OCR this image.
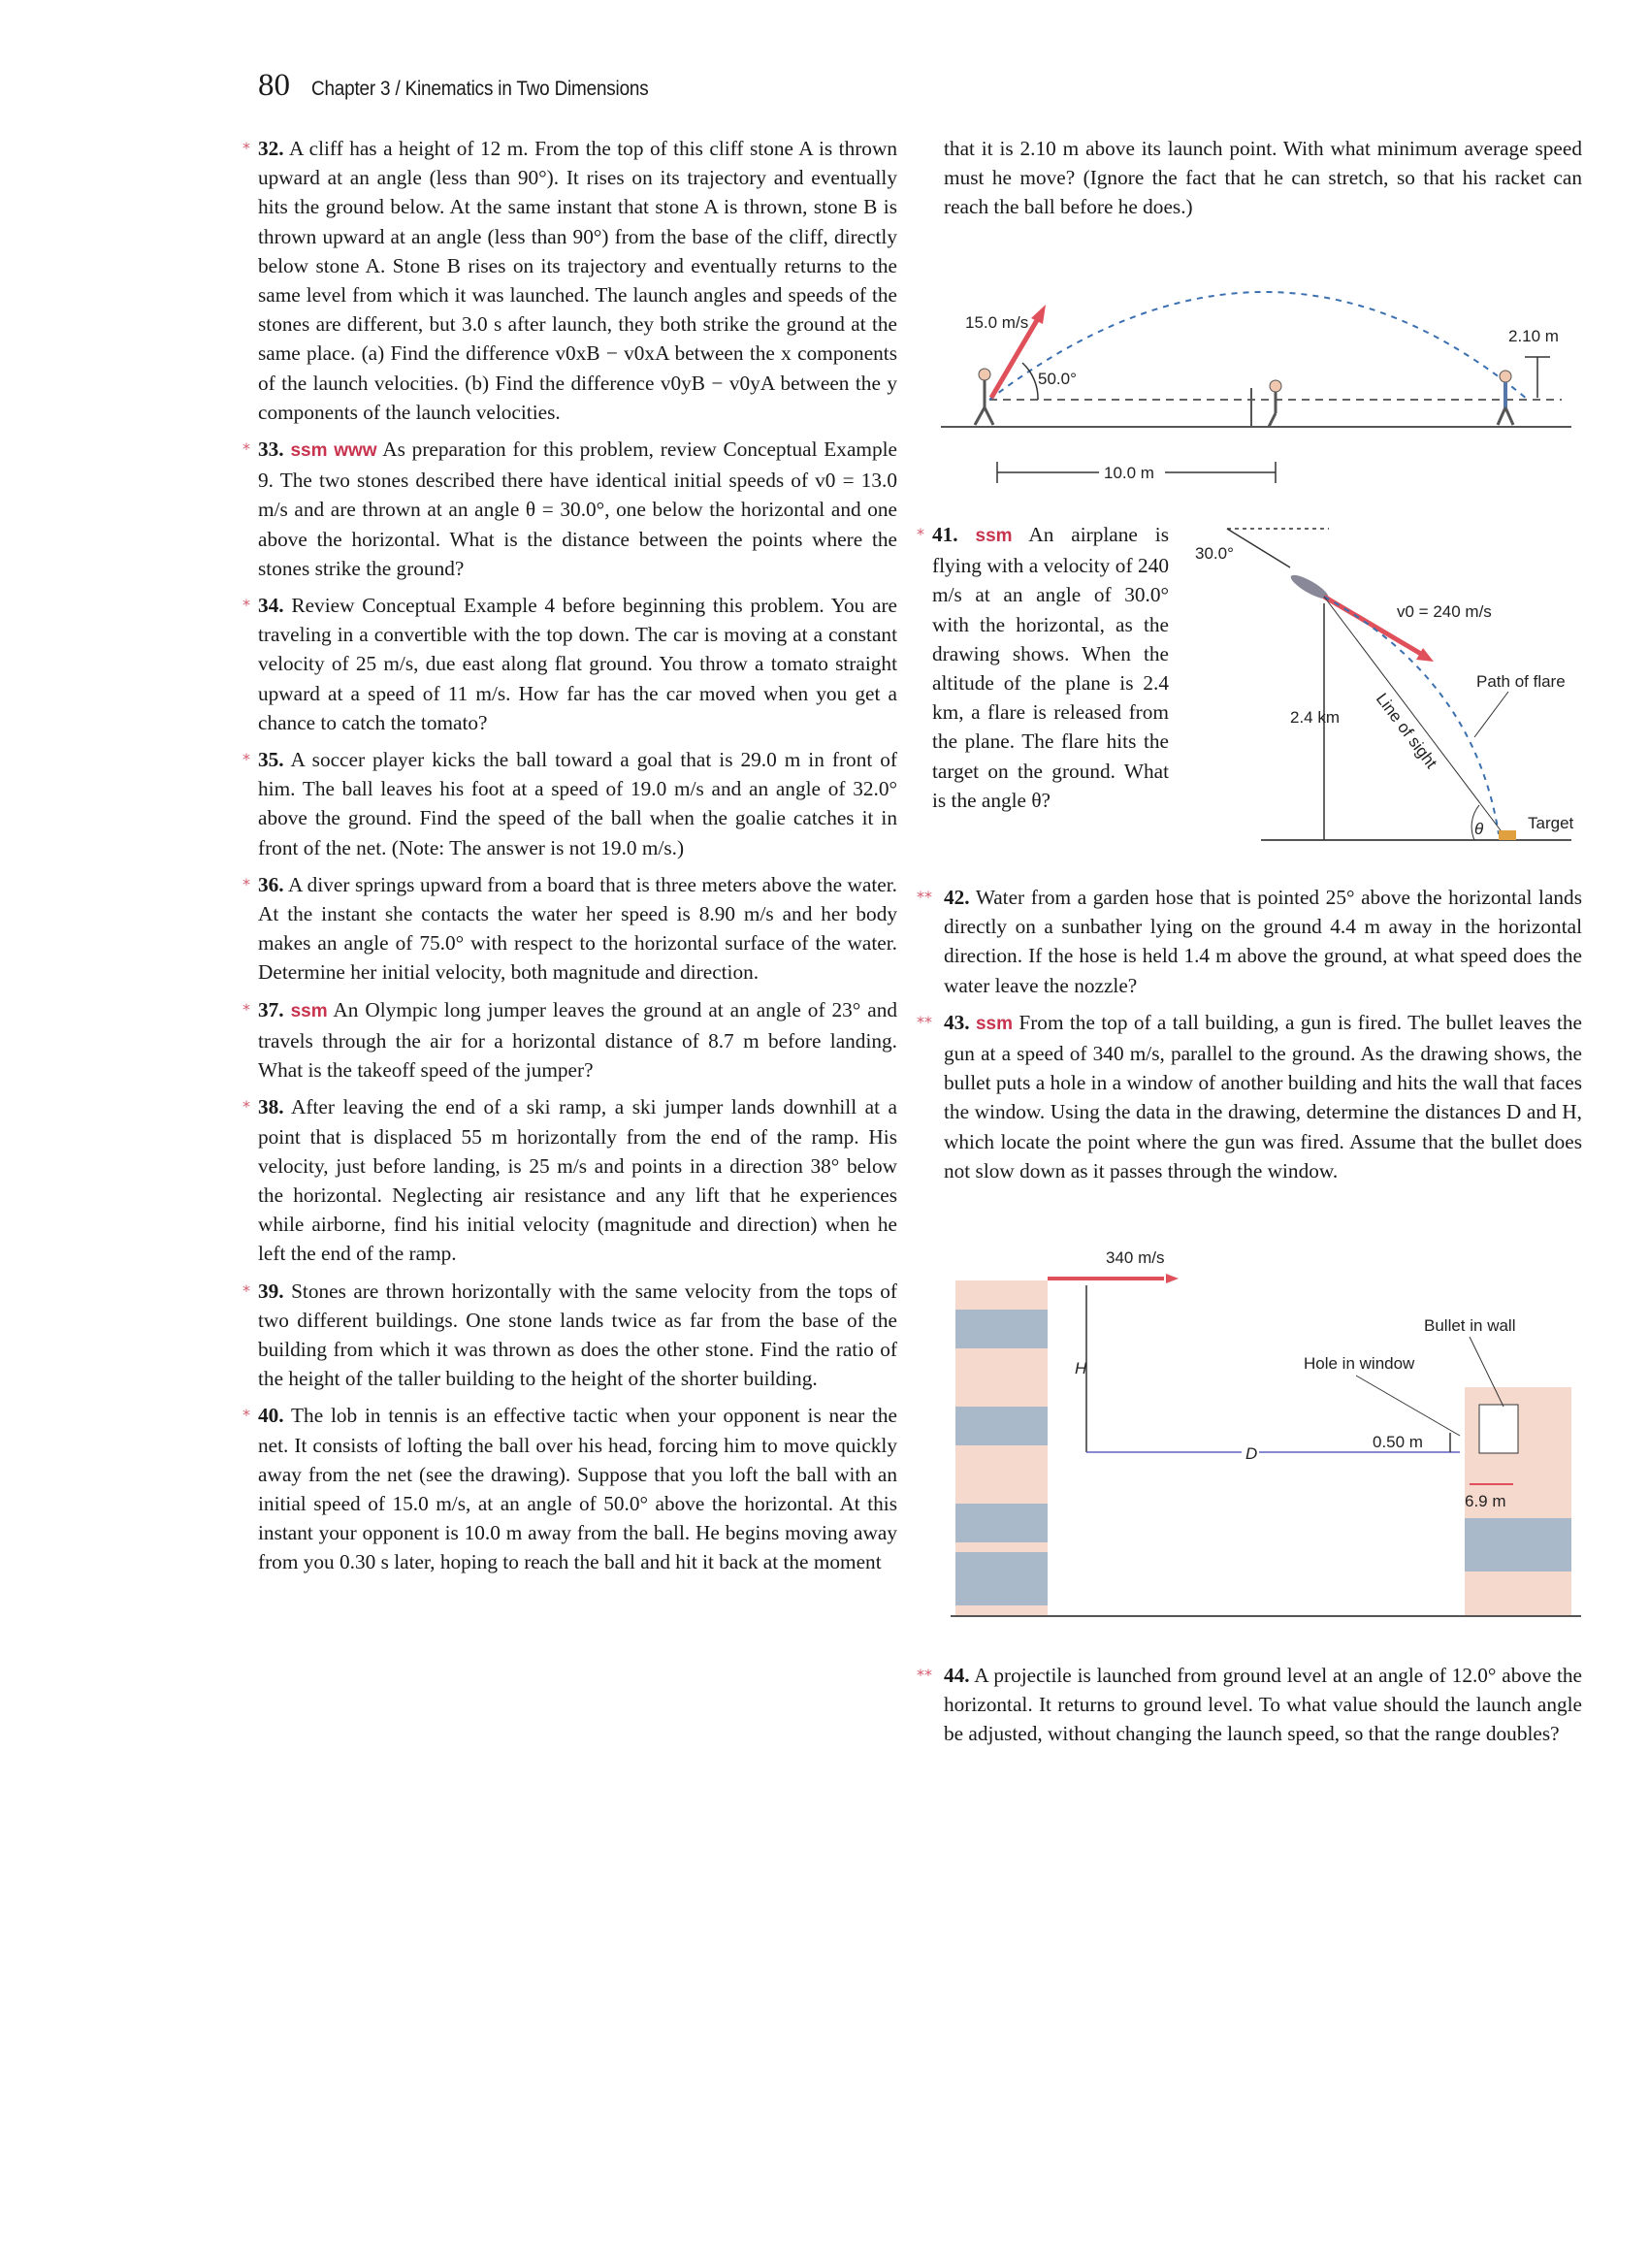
80 Chapter 3 / Kinematics in Two Dimensions
* 32. A cliff has a height of 12 m. From the top of this cliff stone A is thrown upward at an angle (less than 90°). It rises on its trajectory and eventually hits the ground below. At the same instant that stone A is thrown, stone B is thrown upward at an angle (less than 90°) from the base of the cliff, directly below stone A. Stone B rises on its trajectory and eventually returns to the same level from which it was launched. The launch angles and speeds of the stones are different, but 3.0 s after launch, they both strike the ground at the same place. (a) Find the difference v0xB − v0xA between the x components of the launch velocities. (b) Find the difference v0yB − v0yA between the y components of the launch velocities.
* 33. ssm www As preparation for this problem, review Conceptual Example 9. The two stones described there have identical initial speeds of v0 = 13.0 m/s and are thrown at an angle θ = 30.0°, one below the horizontal and one above the horizontal. What is the distance between the points where the stones strike the ground?
* 34. Review Conceptual Example 4 before beginning this problem. You are traveling in a convertible with the top down. The car is moving at a constant velocity of 25 m/s, due east along flat ground. You throw a tomato straight upward at a speed of 11 m/s. How far has the car moved when you get a chance to catch the tomato?
* 35. A soccer player kicks the ball toward a goal that is 29.0 m in front of him. The ball leaves his foot at a speed of 19.0 m/s and an angle of 32.0° above the ground. Find the speed of the ball when the goalie catches it in front of the net. (Note: The answer is not 19.0 m/s.)
* 36. A diver springs upward from a board that is three meters above the water. At the instant she contacts the water her speed is 8.90 m/s and her body makes an angle of 75.0° with respect to the horizontal surface of the water. Determine her initial velocity, both magnitude and direction.
* 37. ssm An Olympic long jumper leaves the ground at an angle of 23° and travels through the air for a horizontal distance of 8.7 m before landing. What is the takeoff speed of the jumper?
* 38. After leaving the end of a ski ramp, a ski jumper lands downhill at a point that is displaced 55 m horizontally from the end of the ramp. His velocity, just before landing, is 25 m/s and points in a direction 38° below the horizontal. Neglecting air resistance and any lift that he experiences while airborne, find his initial velocity (magnitude and direction) when he left the end of the ramp.
* 39. Stones are thrown horizontally with the same velocity from the tops of two different buildings. One stone lands twice as far from the base of the building from which it was thrown as does the other stone. Find the ratio of the height of the taller building to the height of the shorter building.
* 40. The lob in tennis is an effective tactic when your opponent is near the net. It consists of lofting the ball over his head, forcing him to move quickly away from the net (see the drawing). Suppose that you loft the ball with an initial speed of 15.0 m/s, at an angle of 50.0° above the horizontal. At this instant your opponent is 10.0 m away from the ball. He begins moving away from you 0.30 s later, hoping to reach the ball and hit it back at the moment
that it is 2.10 m above its launch point. With what minimum average speed must he move? (Ignore the fact that he can stretch, so that his racket can reach the ball before he does.)
15.0 m/s
50.0°
2.10 m
10.0 m
* 41. ssm An airplane is flying with a velocity of 240 m/s at an angle of 30.0° with the horizontal, as the drawing shows. When the altitude of the plane is 2.4 km, a flare is released from the plane. The flare hits the target on the ground. What is the angle θ?
30.0°
v0 = 240 m/s
Path of flare
Line of sight
2.4 km
θ	Target
** 42. Water from a garden hose that is pointed 25° above the horizontal lands directly on a sunbather lying on the ground 4.4 m away in the horizontal direction. If the hose is held 1.4 m above the ground, at what speed does the water leave the nozzle?
** 43. ssm From the top of a tall building, a gun is fired. The bullet leaves the gun at a speed of 340 m/s, parallel to the ground. As the drawing shows, the bullet puts a hole in a window of another building and hits the wall that faces the window. Using the data in the drawing, determine the distances D and H, which locate the point where the gun was fired. Assume that the bullet does not slow down as it passes through the window.
340 m/s
H
D
Bullet in wall
Hole in window
0.50 m
6.9 m
** 44. A projectile is launched from ground level at an angle of 12.0° above the horizontal. It returns to ground level. To what value should the launch angle be adjusted, without changing the launch speed, so that the range doubles?
